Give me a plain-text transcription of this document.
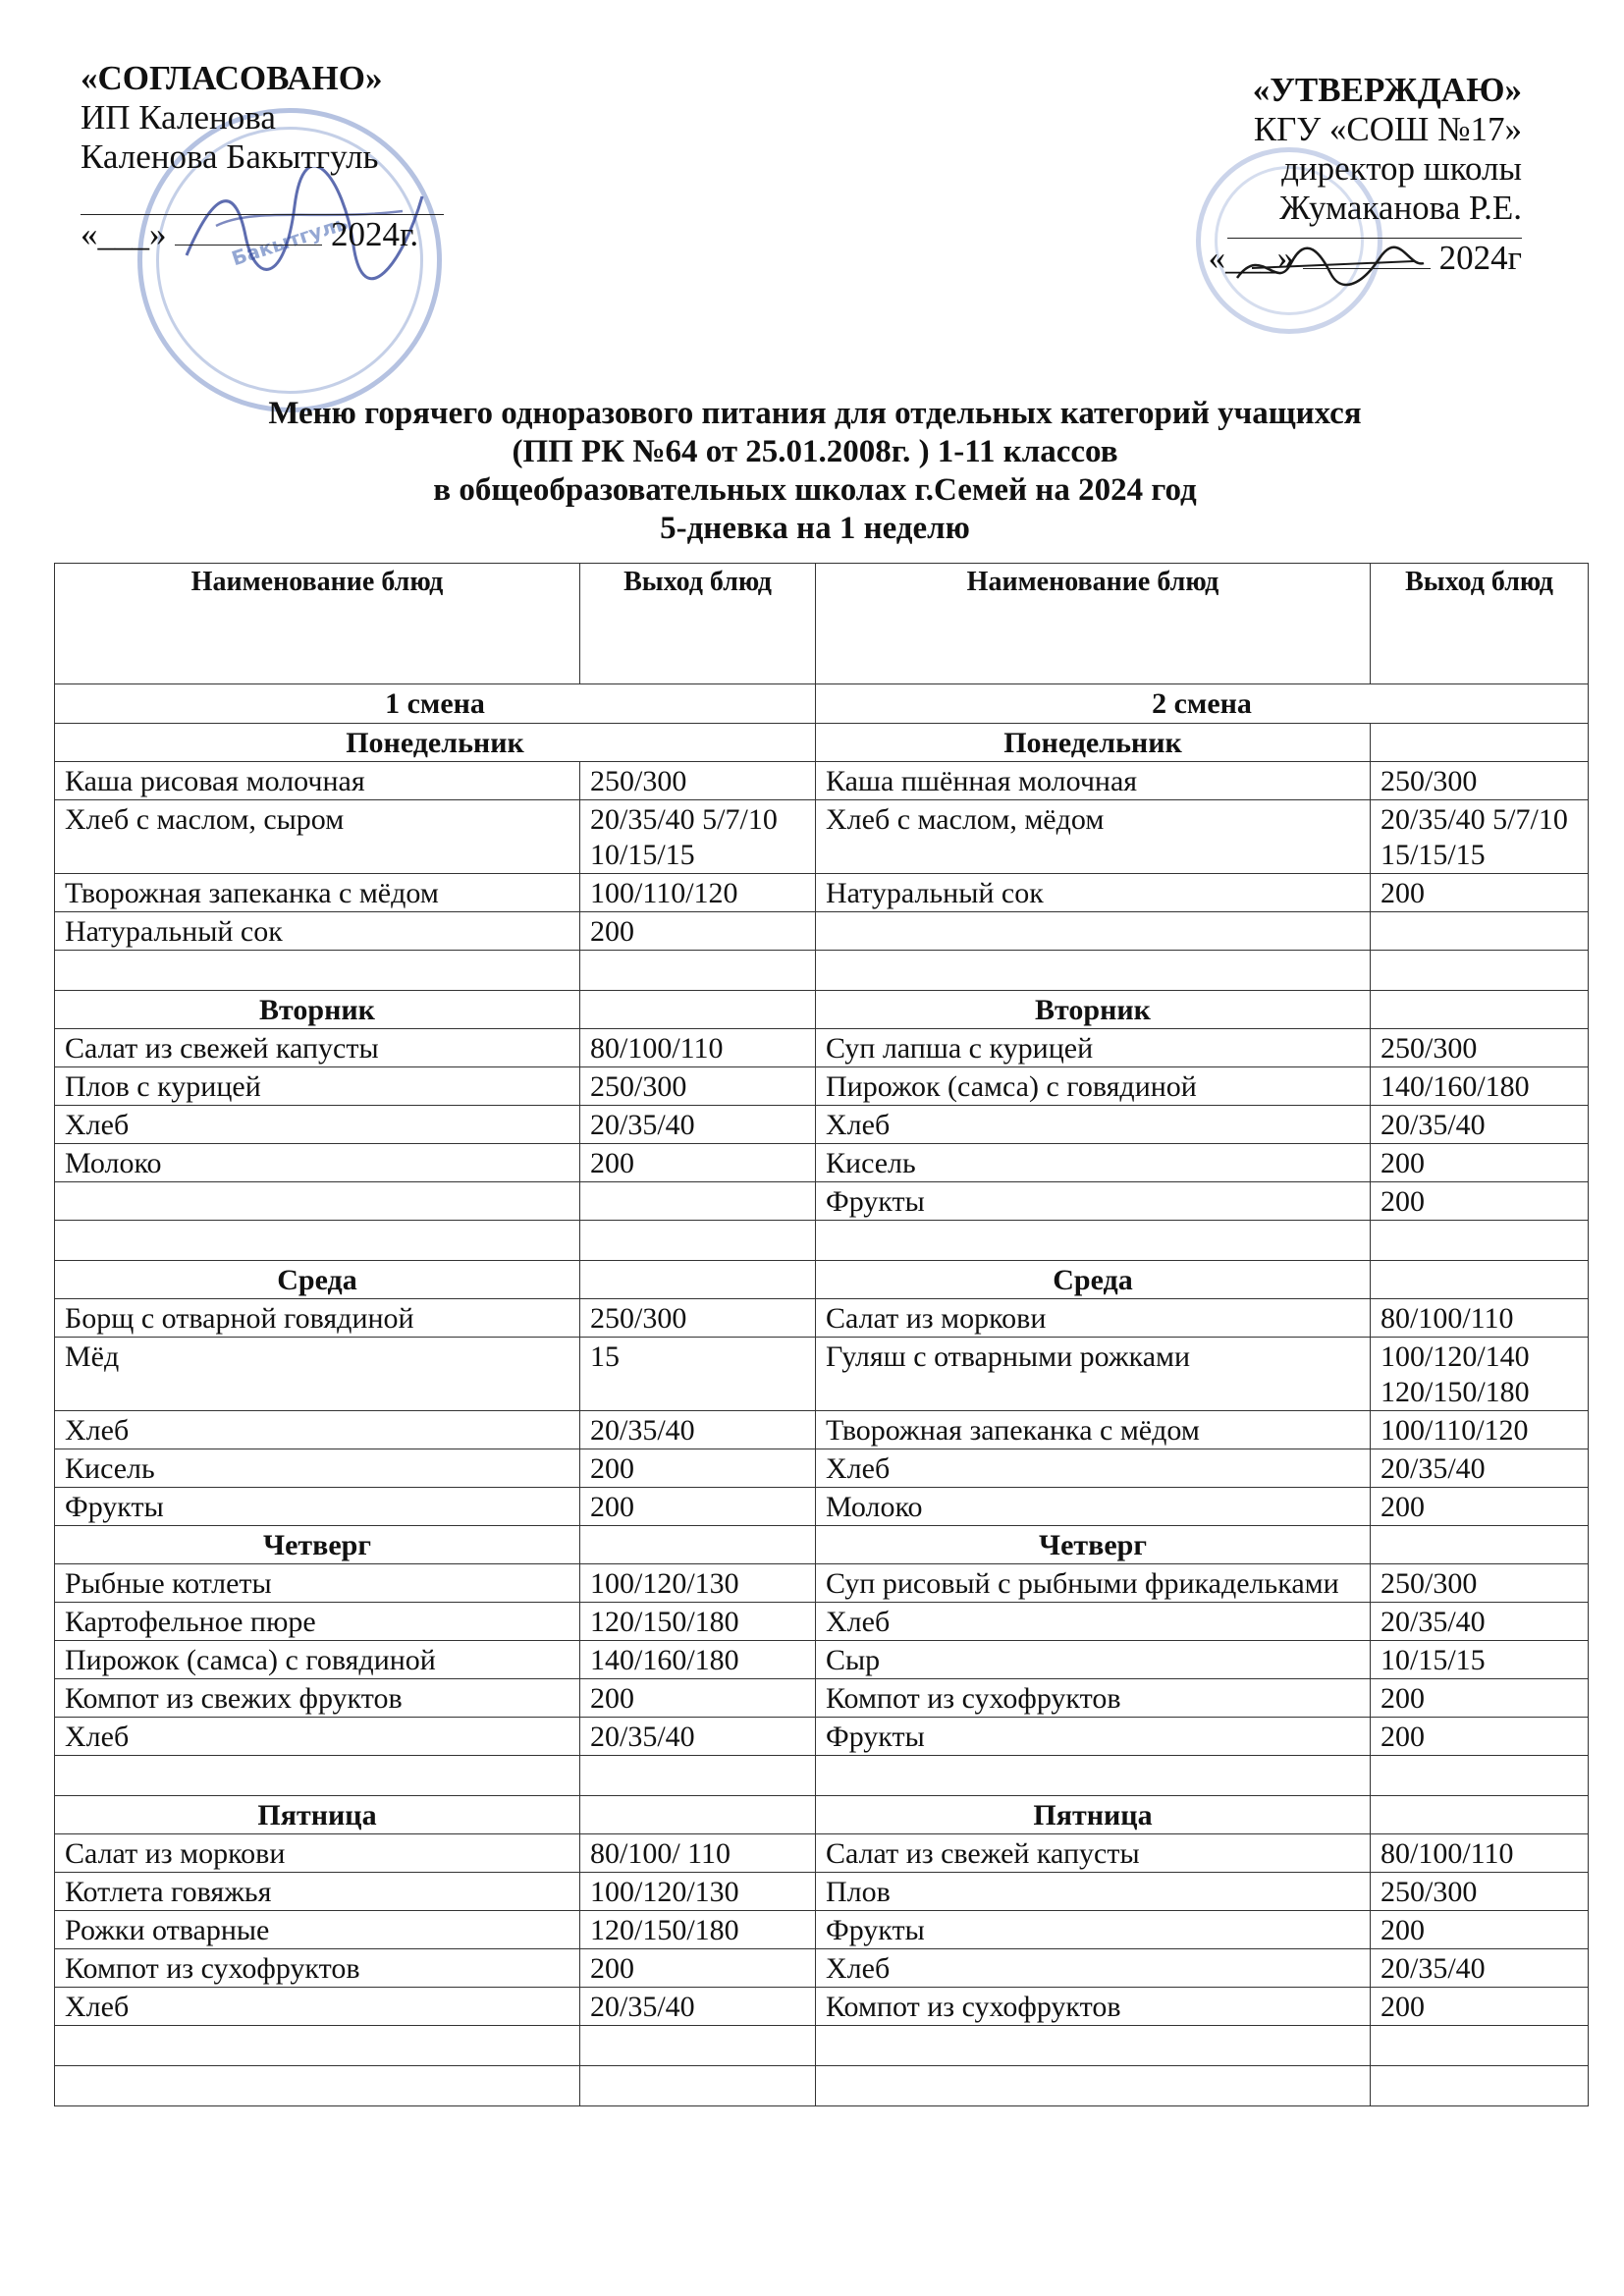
Бакытгуль
«СОГЛАСОВАНО»
ИП Каленова
Каленова Бакытгуль
«___»	2024г.
«УТВЕРЖДАЮ»
КГУ «СОШ №17»
директор школы
Жумаканова Р.Е.
«___»	2024г
Меню горячего одноразового питания для отдельных категорий учащихся
(ПП РК №64 от 25.01.2008г. ) 1-11 классов
в общеобразовательных школах г.Семей на 2024 год
5-дневка на 1 неделю
Наименование блюд	Выход блюд	Наименование блюд	Выход блюд
1 смена		2 смена	
Понедельник		Понедельник	
Каша рисовая молочная	250/300	Каша пшённая молочная	250/300
Хлеб с маслом, сыром	20/35/40 5/7/10 10/15/15	Хлеб с маслом, мёдом	20/35/40 5/7/10 15/15/15
Творожная запеканка с мёдом	100/110/120	Натуральный сок	200
Натуральный сок	200		

Вторник		Вторник	
Салат из свежей капусты	80/100/110	Суп лапша с курицей	250/300
Плов с курицей	250/300	Пирожок (самса) с говядиной	140/160/180
Хлеб	20/35/40	Хлеб	20/35/40
Молоко	200	Кисель	200
		Фрукты	200

Среда		Среда	
Борщ с отварной говядиной	250/300	Салат из моркови	80/100/110
Мёд	15	Гуляш с отварными рожками	100/120/140 120/150/180
Хлеб	20/35/40	Творожная запеканка с мёдом	100/110/120
Кисель	200	Хлеб	20/35/40
Фрукты	200	Молоко	200
Четверг		Четверг	
Рыбные котлеты	100/120/130	Суп рисовый с рыбными фрикадельками	250/300
Картофельное пюре	120/150/180	Хлеб	20/35/40
Пирожок (самса) с говядиной	140/160/180	Сыр	10/15/15
Компот из свежих фруктов	200	Компот из сухофруктов	200
Хлеб	20/35/40	Фрукты	200

Пятница		Пятница	
Салат из моркови	80/100/ 110	Салат из свежей капусты	80/100/110
Котлета говяжья	100/120/130	Плов	250/300
Рожки отварные	120/150/180	Фрукты	200
Компот из сухофруктов	200	Хлеб	20/35/40
Хлеб	20/35/40	Компот из сухофруктов	200
